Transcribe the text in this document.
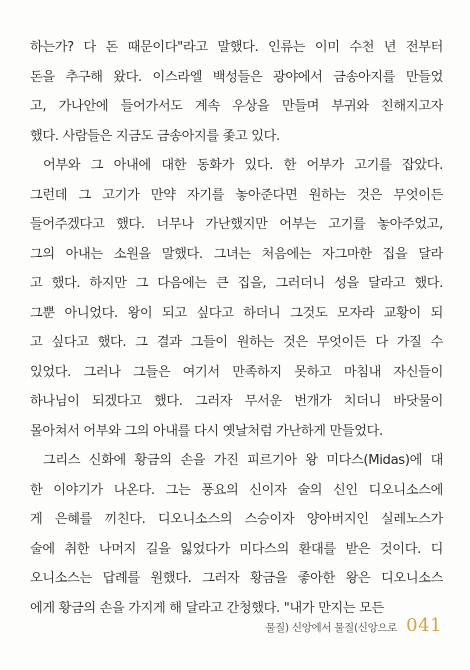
하는가? 다 돈 때문이다"라고 말했다. 인류는 이미 수천 년 전부터
돈을 추구해 왔다. 이스라엘 백성들은 광야에서 금송아지를 만들었
고, 가나안에 들어가서도 계속 우상을 만들며 부귀와 친해지고자
했다. 사람들은 지금도 금송아지를 좇고 있다.
어부와 그 아내에 대한 동화가 있다. 한 어부가 고기를 잡았다.
그런데 그 고기가 만약 자기를 놓아준다면 원하는 것은 무엇이든
들어주겠다고 했다. 너무나 가난했지만 어부는 고기를 놓아주었고,
그의 아내는 소원을 말했다. 그녀는 처음에는 자그마한 집을 달라
고 했다. 하지만 그 다음에는 큰 집을, 그러더니 성을 달라고 했다.
그뿐 아니었다. 왕이 되고 싶다고 하더니 그것도 모자라 교황이 되
고 싶다고 했다. 그 결과 그들이 원하는 것은 무엇이든 다 가질 수
있었다. 그러나 그들은 여기서 만족하지 못하고 마침내 자신들이
하나님이 되겠다고 했다. 그러자 무서운 번개가 치더니 바닷물이
몰아쳐서 어부와 그의 아내를 다시 옛날처럼 가난하게 만들었다.
그리스 신화에 황금의 손을 가진 피르기아 왕 미다스(Midas)에 대
한 이야기가 나온다. 그는 풍요의 신이자 술의 신인 디오니소스에
게 은혜를 끼친다. 디오니소스의 스승이자 양아버지인 실레노스가
술에 취한 나머지 길을 잃었다가 미다스의 환대를 받은 것이다. 디
오니소스는 답례를 원했다. 그러자 황금을 좋아한 왕은 디오니소스
에게 황금의 손을 가지게 해 달라고 간청했다. "내가 만지는 모든
물질) 신앙에서 물질(신앙으로 041
